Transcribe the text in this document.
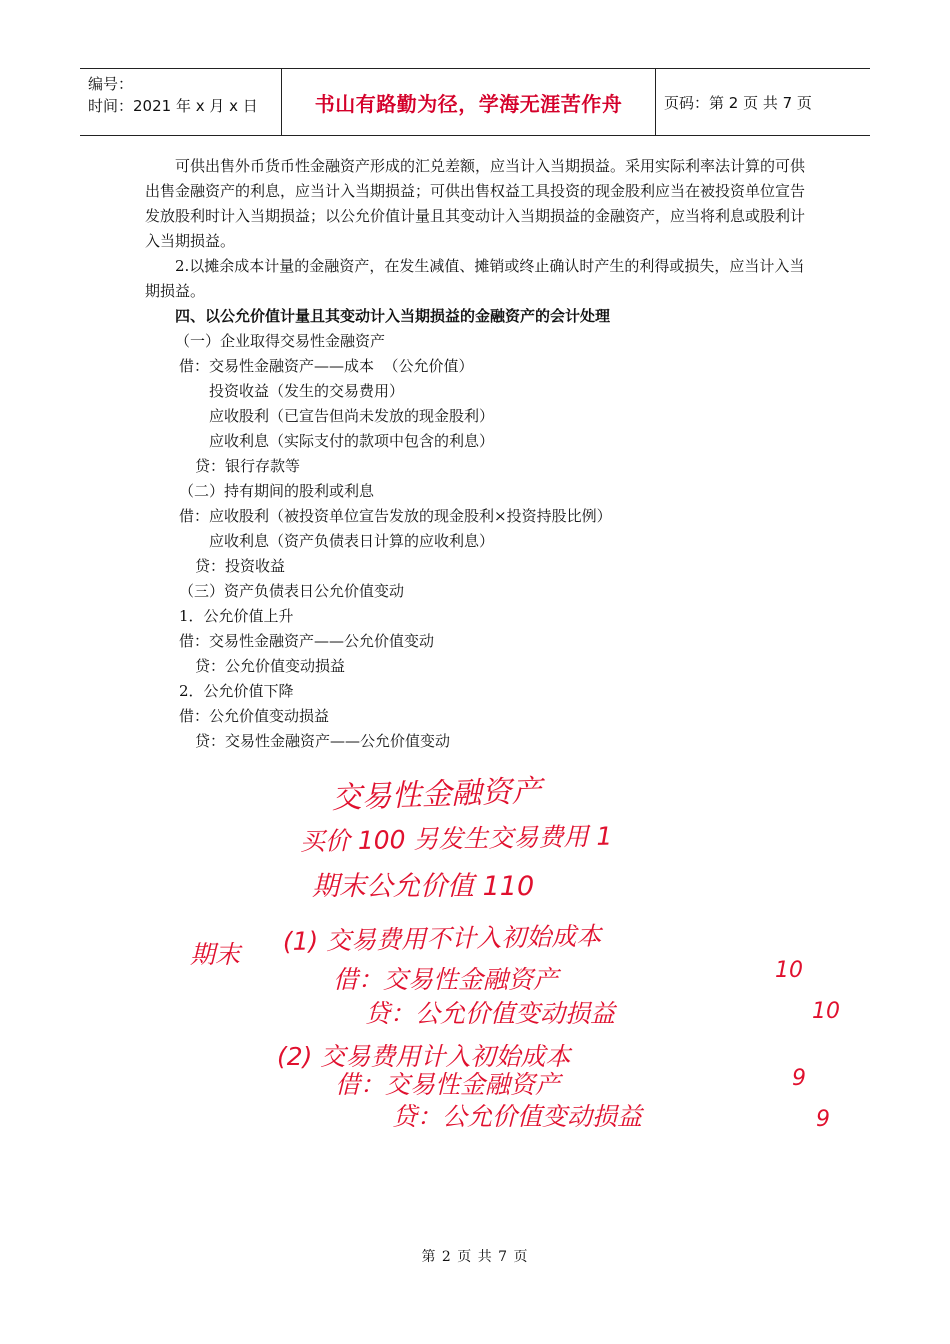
编号：
时间：2021 年 x 月 x 日	书山有路勤为径，学海无涯苦作舟	页码：第 2 页 共 7 页

可供出售外币货币性金融资产形成的汇兑差额，应当计入当期损益。采用实际利率法计算的可供出售金融资产的利息，应当计入当期损益；可供出售权益工具投资的现金股利应当在被投资单位宣告发放股利时计入当期损益；以公允价值计量且其变动计入当期损益的金融资产，应当将利息或股利计入当期损益。

2.以摊余成本计量的金融资产，在发生减值、摊销或终止确认时产生的利得或损失，应当计入当期损益。

四、以公允价值计量且其变动计入当期损益的金融资产的会计处理

（一）企业取得交易性金融资产

借：交易性金融资产——成本  （公允价值）

投资收益（发生的交易费用）

应收股利（已宣告但尚未发放的现金股利）

应收利息（实际支付的款项中包含的利息）

贷：银行存款等

（二）持有期间的股利或利息

借：应收股利（被投资单位宣告发放的现金股利×投资持股比例）

应收利息（资产负债表日计算的应收利息）

贷：投资收益

（三）资产负债表日公允价值变动

1．公允价值上升

借：交易性金融资产——公允价值变动

贷：公允价值变动损益

2．公允价值下降

借：公允价值变动损益

贷：交易性金融资产——公允价值变动

交易性金融资产
买价 100 另发生交易费用 1
期末公允价值 110
期末 (1) 交易费用不计入初始成本
借：交易性金融资产	10
贷：公允价值变动损益	10
(2) 交易费用计入初始成本
借：交易性金融资产	9
贷：公允价值变动损益	9
第 2 页 共 7 页
